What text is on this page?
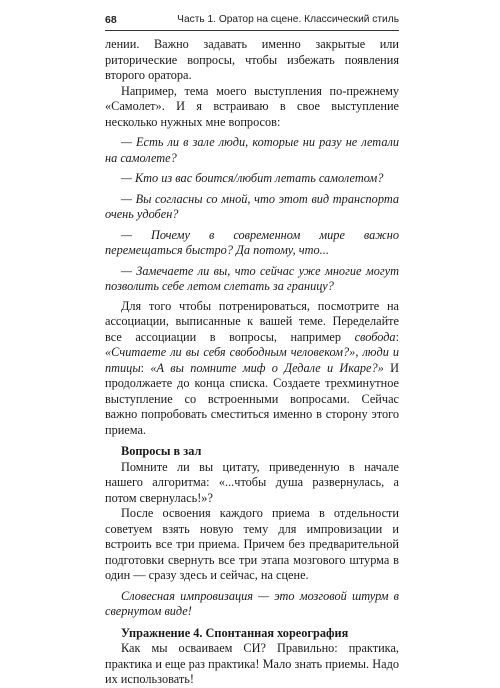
68	Часть 1. Оратор на сцене. Классический стиль

лении. Важно задавать именно закрытые или риторические вопросы, чтобы избежать появления второго оратора.

Например, тема моего выступления по-прежнему «Самолет». И я встраиваю в свое выступление несколько нужных мне вопросов:

— Есть ли в зале люди, которые ни разу не летали на самолете?

— Кто из вас боится/любит летать самолетом?

— Вы согласны со мной, что этот вид транспорта очень удобен?

— Почему в современном мире важно перемещаться быстро? Да потому, что...

— Замечаете ли вы, что сейчас уже многие могут позволить себе летом слетать за границу?

Для того чтобы потренироваться, посмотрите на ассоциации, выписанные к вашей теме. Переделайте все ассоциации в вопросы, например свобода: «Считаете ли вы себя свободным человеком?», люди и птицы: «А вы помните миф о Дедале и Икаре?» И продолжаете до конца списка. Создаете трехминутное выступление со встроенными вопросами. Сейчас важно попробовать сместиться именно в сторону этого приема.

Вопросы в зал

Помните ли вы цитату, приведенную в начале нашего алгоритма: «...чтобы душа развернулась, а потом свернулась!»?

После освоения каждого приема в отдельности советуем взять новую тему для импровизации и встроить все три приема. Причем без предварительной подготовки свернуть все три этапа мозгового штурма в один — сразу здесь и сейчас, на сцене.

Словесная импровизация — это мозговой штурм в свернутом виде!

Упражнение 4. Спонтанная хореография

Как мы осваиваем СИ? Правильно: практика, практика и еще раз практика! Мало знать приемы. Надо их использовать!
